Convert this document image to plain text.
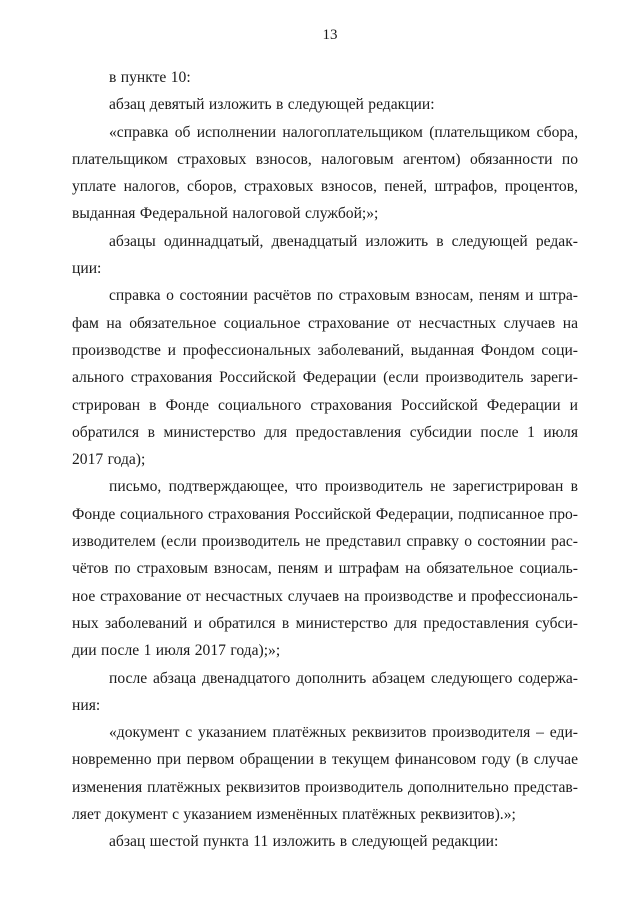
13

в пункте 10:

абзац девятый изложить в следующей редакции:

«справка об исполнении налогоплательщиком (плательщиком сбора, плательщиком страховых взносов, налоговым агентом) обязанности по уплате налогов, сборов, страховых взносов, пеней, штрафов, процентов, выданная Федеральной налоговой службой;»;

абзацы одиннадцатый, двенадцатый изложить в следующей редакции:

справка о состоянии расчётов по страховым взносам, пеням и штрафам на обязательное социальное страхование от несчастных случаев на производстве и профессиональных заболеваний, выданная Фондом социального страхования Российской Федерации (если производитель зарегистрирован в Фонде социального страхования Российской Федерации и обратился в министерство для предоставления субсидии после 1 июля 2017 года);

письмо, подтверждающее, что производитель не зарегистрирован в Фонде социального страхования Российской Федерации, подписанное производителем (если производитель не представил справку о состоянии расчётов по страховым взносам, пеням и штрафам на обязательное социальное страхование от несчастных случаев на производстве и профессиональных заболеваний и обратился в министерство для предоставления субсидии после 1 июля 2017 года);»;

после абзаца двенадцатого дополнить абзацем следующего содержания:

«документ с указанием платёжных реквизитов производителя – единовременно при первом обращении в текущем финансовом году (в случае изменения платёжных реквизитов производитель дополнительно представляет документ с указанием изменённых платёжных реквизитов).»;

абзац шестой пункта 11 изложить в следующей редакции:
